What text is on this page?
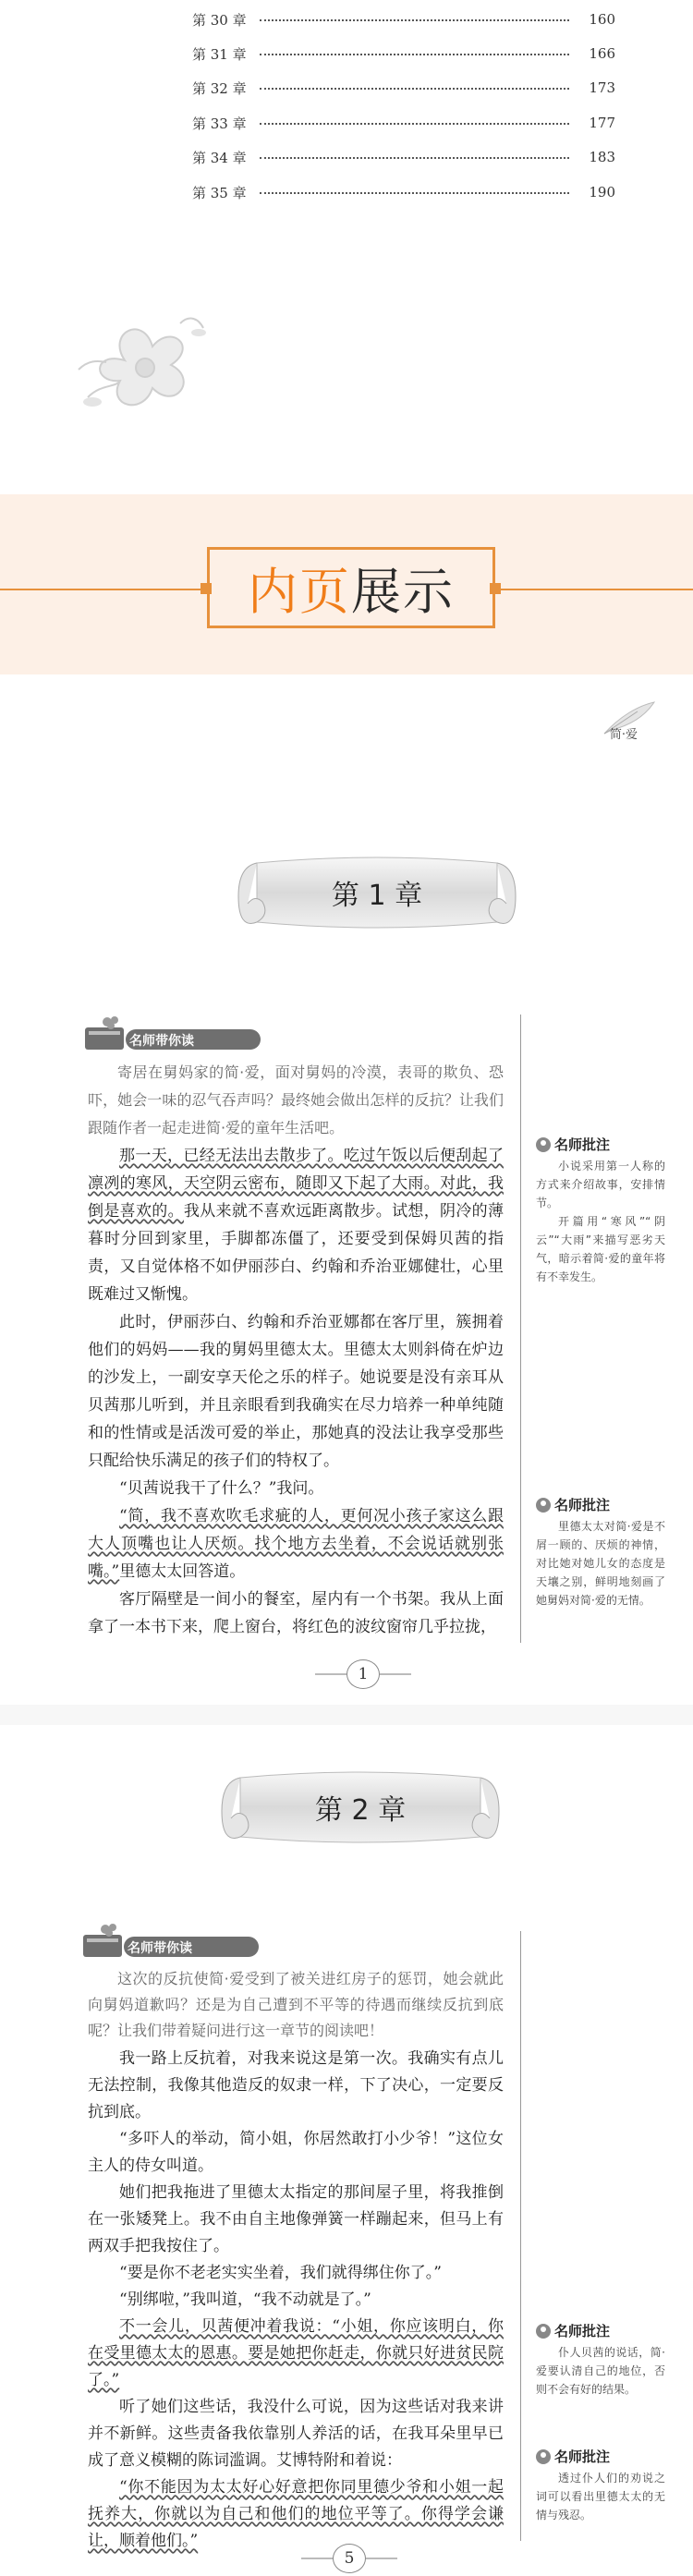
第 30 章	160
第 31 章	166
第 32 章	173
第 33 章	177
第 34 章	183
第 35 章	190
内页 展示
简·爱
第 1 章
名师带你读
寄居在舅妈家的简·爱，面对舅妈的冷漠，表哥的欺负、恐吓，她会一味的忍气吞声吗？最终她会做出怎样的反抗？让我们跟随作者一起走进简·爱的童年生活吧。

那一天，已经无法出去散步了。吃过午饭以后便刮起了凛冽的寒风，天空阴云密布，随即又下起了大雨。对此，我倒是喜欢的。我从来就不喜欢远距离散步。试想，阴冷的薄暮时分回到家里，手脚都冻僵了，还要受到保姆贝茜的指责，又自觉体格不如伊丽莎白、约翰和乔治亚娜健壮，心里既难过又惭愧。

此时，伊丽莎白、约翰和乔治亚娜都在客厅里，簇拥着他们的妈妈——我的舅妈里德太太。里德太太则斜倚在炉边的沙发上，一副安享天伦之乐的样子。她说要是没有亲耳从贝茜那儿听到，并且亲眼看到我确实在尽力培养一种单纯随和的性情或是活泼可爱的举止，那她真的没法让我享受那些只配给快乐满足的孩子们的特权了。

“贝茜说我干了什么？”我问。

“简，我不喜欢吹毛求疵的人，更何况小孩子家这么跟大人顶嘴也让人厌烦。找个地方去坐着，不会说话就别张嘴。”里德太太回答道。

客厅隔壁是一间小的餐室，屋内有一个书架。我从上面拿了一本书下来，爬上窗台，将红色的波纹窗帘几乎拉拢，

名师批注

小说采用第一人称的方式来介绍故事，安排情节。

开篇用“寒风”“阴云”“大雨”来描写恶劣天气，暗示着简·爱的童年将有不幸发生。

名师批注

里德太太对简·爱是不屑一顾的、厌烦的神情，对比她对她儿女的态度是天壤之别，鲜明地刻画了她舅妈对简·爱的无情。

1
第 2 章
名师带你读
这次的反抗使简·爱受到了被关进红房子的惩罚，她会就此向舅妈道歉吗？还是为自己遭到不平等的待遇而继续反抗到底呢？让我们带着疑问进行这一章节的阅读吧！

我一路上反抗着，对我来说这是第一次。我确实有点儿无法控制，我像其他造反的奴隶一样，下了决心，一定要反抗到底。

“多吓人的举动，简小姐，你居然敢打小少爷！”这位女主人的侍女叫道。

她们把我拖进了里德太太指定的那间屋子里，将我推倒在一张矮凳上。我不由自主地像弹簧一样蹦起来，但马上有两双手把我按住了。

“要是你不老老实实坐着，我们就得绑住你了。”

“别绑啦，”我叫道，“我不动就是了。”

不一会儿，贝茜便冲着我说：“小姐，你应该明白，你在受里德太太的恩惠。要是她把你赶走，你就只好进贫民院了。”

听了她们这些话，我没什么可说，因为这些话对我来讲并不新鲜。这些责备我依靠别人养活的话，在我耳朵里早已成了意义模糊的陈词滥调。艾博特附和着说：

“你不能因为太太好心好意把你同里德少爷和小姐一起抚养大，你就以为自己和他们的地位平等了。你得学会谦让，顺着他们。”

名师批注

仆人贝茜的说话，简·爱要认清自己的地位，否则不会有好的结果。

名师批注

透过仆人们的劝说之词可以看出里德太太的无情与残忍。

5
